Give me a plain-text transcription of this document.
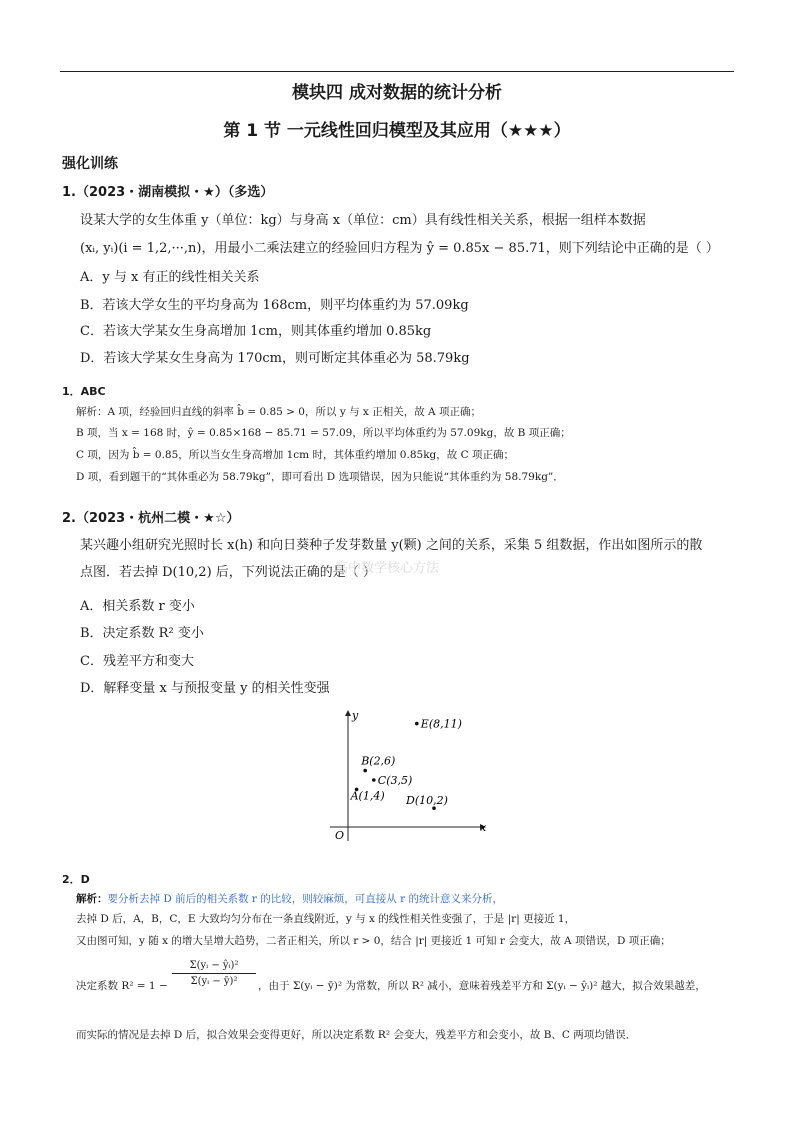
模块四 成对数据的统计分析
第 1 节 一元线性回归模型及其应用（★★★）
强化训练
1.（2023・湖南模拟・★）（多选）
设某大学的女生体重 y（单位：kg）与身高 x（单位：cm）具有线性相关关系，根据一组样本数据
(xᵢ, yᵢ)(i = 1,2,···,n)，用最小二乘法建立的经验回归方程为 ŷ = 0.85x − 85.71，则下列结论中正确的是（ ）
A．y 与 x 有正的线性相关关系
B．若该大学女生的平均身高为 168cm，则平均体重约为 57.09kg
C．若该大学某女生身高增加 1cm，则其体重约增加 0.85kg
D．若该大学某女生身高为 170cm，则可断定其体重必为 58.79kg
1．ABC
解析：A 项，经验回归直线的斜率 b̂ = 0.85 > 0，所以 y 与 x 正相关，故 A 项正确；
B 项，当 x = 168 时，ŷ = 0.85×168 − 85.71 = 57.09，所以平均体重约为 57.09kg，故 B 项正确；
C 项，因为 b̂ = 0.85，所以当女生身高增加 1cm 时，其体重约增加 0.85kg，故 C 项正确；
D 项，看到题干的“其体重必为 58.79kg”，即可看出 D 选项错误，因为只能说“其体重约为 58.79kg”．
2.（2023・杭州二模・★☆）
某兴趣小组研究光照时长 x(h) 和向日葵种子发芽数量 y(颗) 之间的关系，采集 5 组数据，作出如图所示的散
点图．若去掉 D(10,2) 后，下列说法正确的是（ ）
高中数学核心方法
A．相关系数 r 变小
B．决定系数 R² 变小
C．残差平方和变大
D．解释变量 x 与预报变量 y 的相关性变强
x
y
O
A(1,4)
B(2,6)
C(3,5)
D(10,2)
E(8,11)
2．D
解析：要分析去掉 D 前后的相关系数 r 的比较，则较麻烦，可直接从 r 的统计意义来分析，
去掉 D 后，A，B，C，E 大致均匀分布在一条直线附近，y 与 x 的线性相关性变强了，于是 |r| 更接近 1，
又由图可知，y 随 x 的增大呈增大趋势，二者正相关，所以 r > 0，结合 |r| 更接近 1 可知 r 会变大，故 A 项错误，D 项正确；
决定系数 R² = 1 −
Σ(yᵢ − ŷᵢ)²
Σ(yᵢ − ȳ)²	，由于 Σ(yᵢ − ȳ)² 为常数，所以 R² 减小，意味着残差平方和 Σ(yᵢ − ŷᵢ)² 越大，拟合效果越差，
而实际的情况是去掉 D 后，拟合效果会变得更好，所以决定系数 R² 会变大，残差平方和会变小，故 B、C 两项均错误．
